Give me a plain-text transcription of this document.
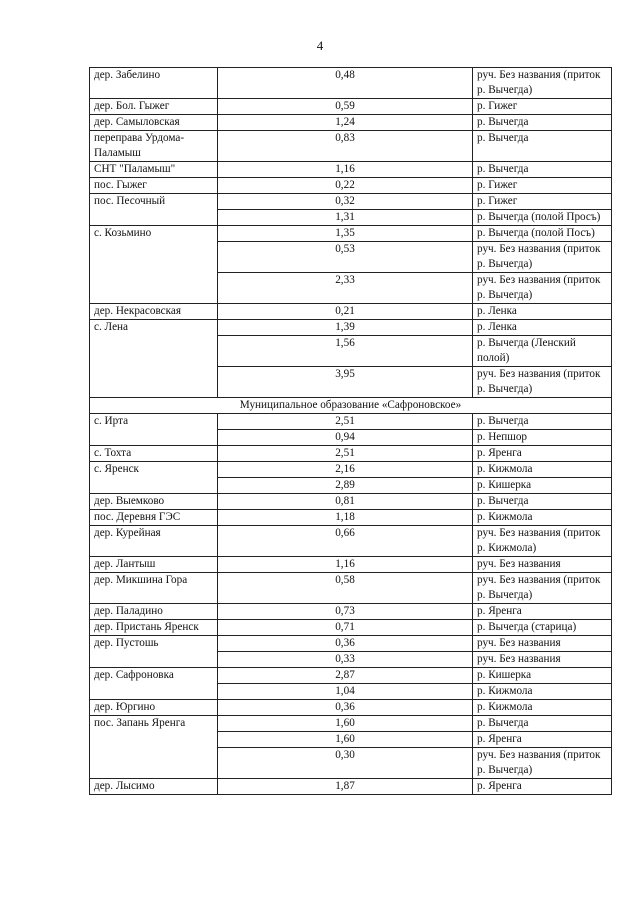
4
дер. Забелино	0,48	руч. Без названия (приток р. Вычегда)
дер. Бол. Гыжег	0,59	р. Гижег
дер. Самыловская	1,24	р. Вычегда
переправа Урдома-Паламыш	0,83	р. Вычегда
СНТ "Паламыш"	1,16	р. Вычегда
пос. Гыжег	0,22	р. Гижег
пос. Песочный	0,32	р. Гижег
	1,31	р. Вычегда (полой Просъ)
с. Козьмино	1,35	р. Вычегда (полой Посъ)
	0,53	руч. Без названия (приток р. Вычегда)
	2,33	руч. Без названия (приток р. Вычегда)
дер. Некрасовская	0,21	р. Ленка
с. Лена	1,39	р. Ленка
	1,56	р. Вычегда (Ленский полой)
	3,95	руч. Без названия (приток р. Вычегда)
Муниципальное образование «Сафроновское»		
с. Ирта	2,51	р. Вычегда
	0,94	р. Непшор
с. Тохта	2,51	р. Яренга
с. Яренск	2,16	р. Кижмола
	2,89	р. Кишерка
дер. Выемково	0,81	р. Вычегда
пос. Деревня ГЭС	1,18	р. Кижмола
дер. Курейная	0,66	руч. Без названия (приток р. Кижмола)
дер. Лантыш	1,16	руч. Без названия
дер. Микшина Гора	0,58	руч. Без названия (приток р. Вычегда)
дер. Паладино	0,73	р. Яренга
дер. Пристань Яренск	0,71	р. Вычегда (старица)
дер. Пустошь	0,36	руч. Без названия
	0,33	руч. Без названия
дер. Сафроновка	2,87	р. Кишерка
	1,04	р. Кижмола
дер. Юргино	0,36	р. Кижмола
пос. Запань Яренга	1,60	р. Вычегда
	1,60	р. Яренга
	0,30	руч. Без названия (приток р. Вычегда)
дер. Лысимо	1,87	р. Яренга
